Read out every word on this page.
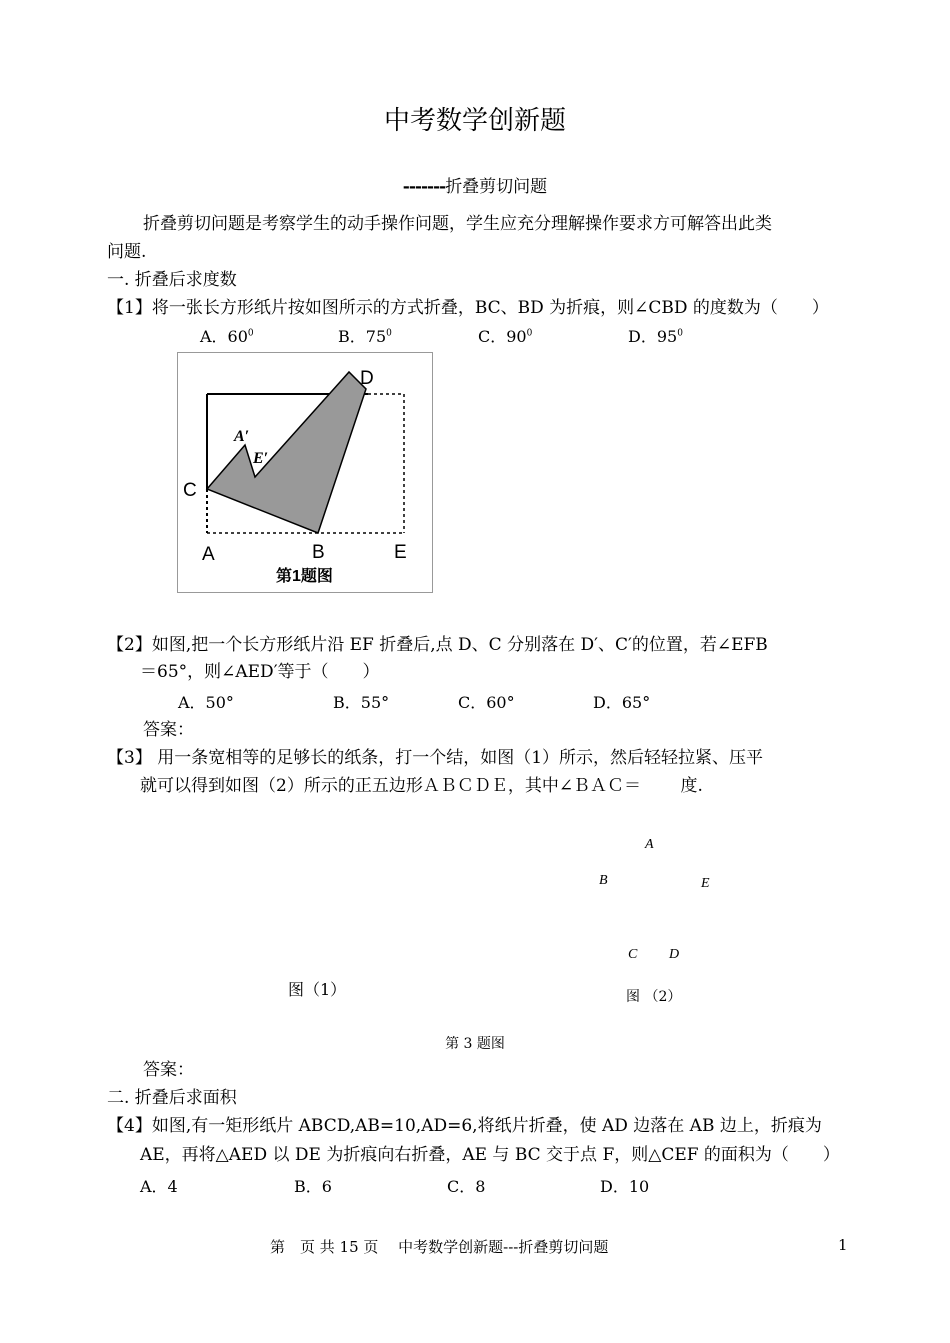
中考数学创新题
-------折叠剪切问题
折叠剪切问题是考察学生的动手操作问题，学生应充分理解操作要求方可解答出此类
问题.
一. 折叠后求度数
【1】将一张长方形纸片按如图所示的方式折叠，BC、BD 为折痕，则∠CBD 的度数为（　　）
A．$60^0$	B．$75^0$	C．$90^0$	D．$95^0$
D
C
A	B	E
A′
E′
第1题图
【2】如图,把一个长方形纸片沿 EF 折叠后,点 D、C 分别落在 D′、C′的位置，若∠EFB
＝65°，则∠AED′等于（　　）
A．50°	B．55°	C．60°	D．65°
答案：
【3】 用一条宽相等的足够长的纸条，打一个结，如图（1）所示，然后轻轻拉紧、压平
就可以得到如图（2）所示的正五边形ＡＢＣＤＥ，其中∠ＢＡＣ＝　　 度.
A
B	E
C D
图（1）	图 （2）
第 3 题图
答案：
二. 折叠后求面积
【4】如图,有一矩形纸片 ABCD,AB=10,AD=6,将纸片折叠，使 AD 边落在 AB 边上，折痕为
AE，再将△AED 以 DE 为折痕向右折叠，AE 与 BC 交于点 F，则△CEF 的面积为（　　）
A．4	B．6	C．8	D．10
第　页 共 15 页　 中考数学创新题---折叠剪切问题	1
